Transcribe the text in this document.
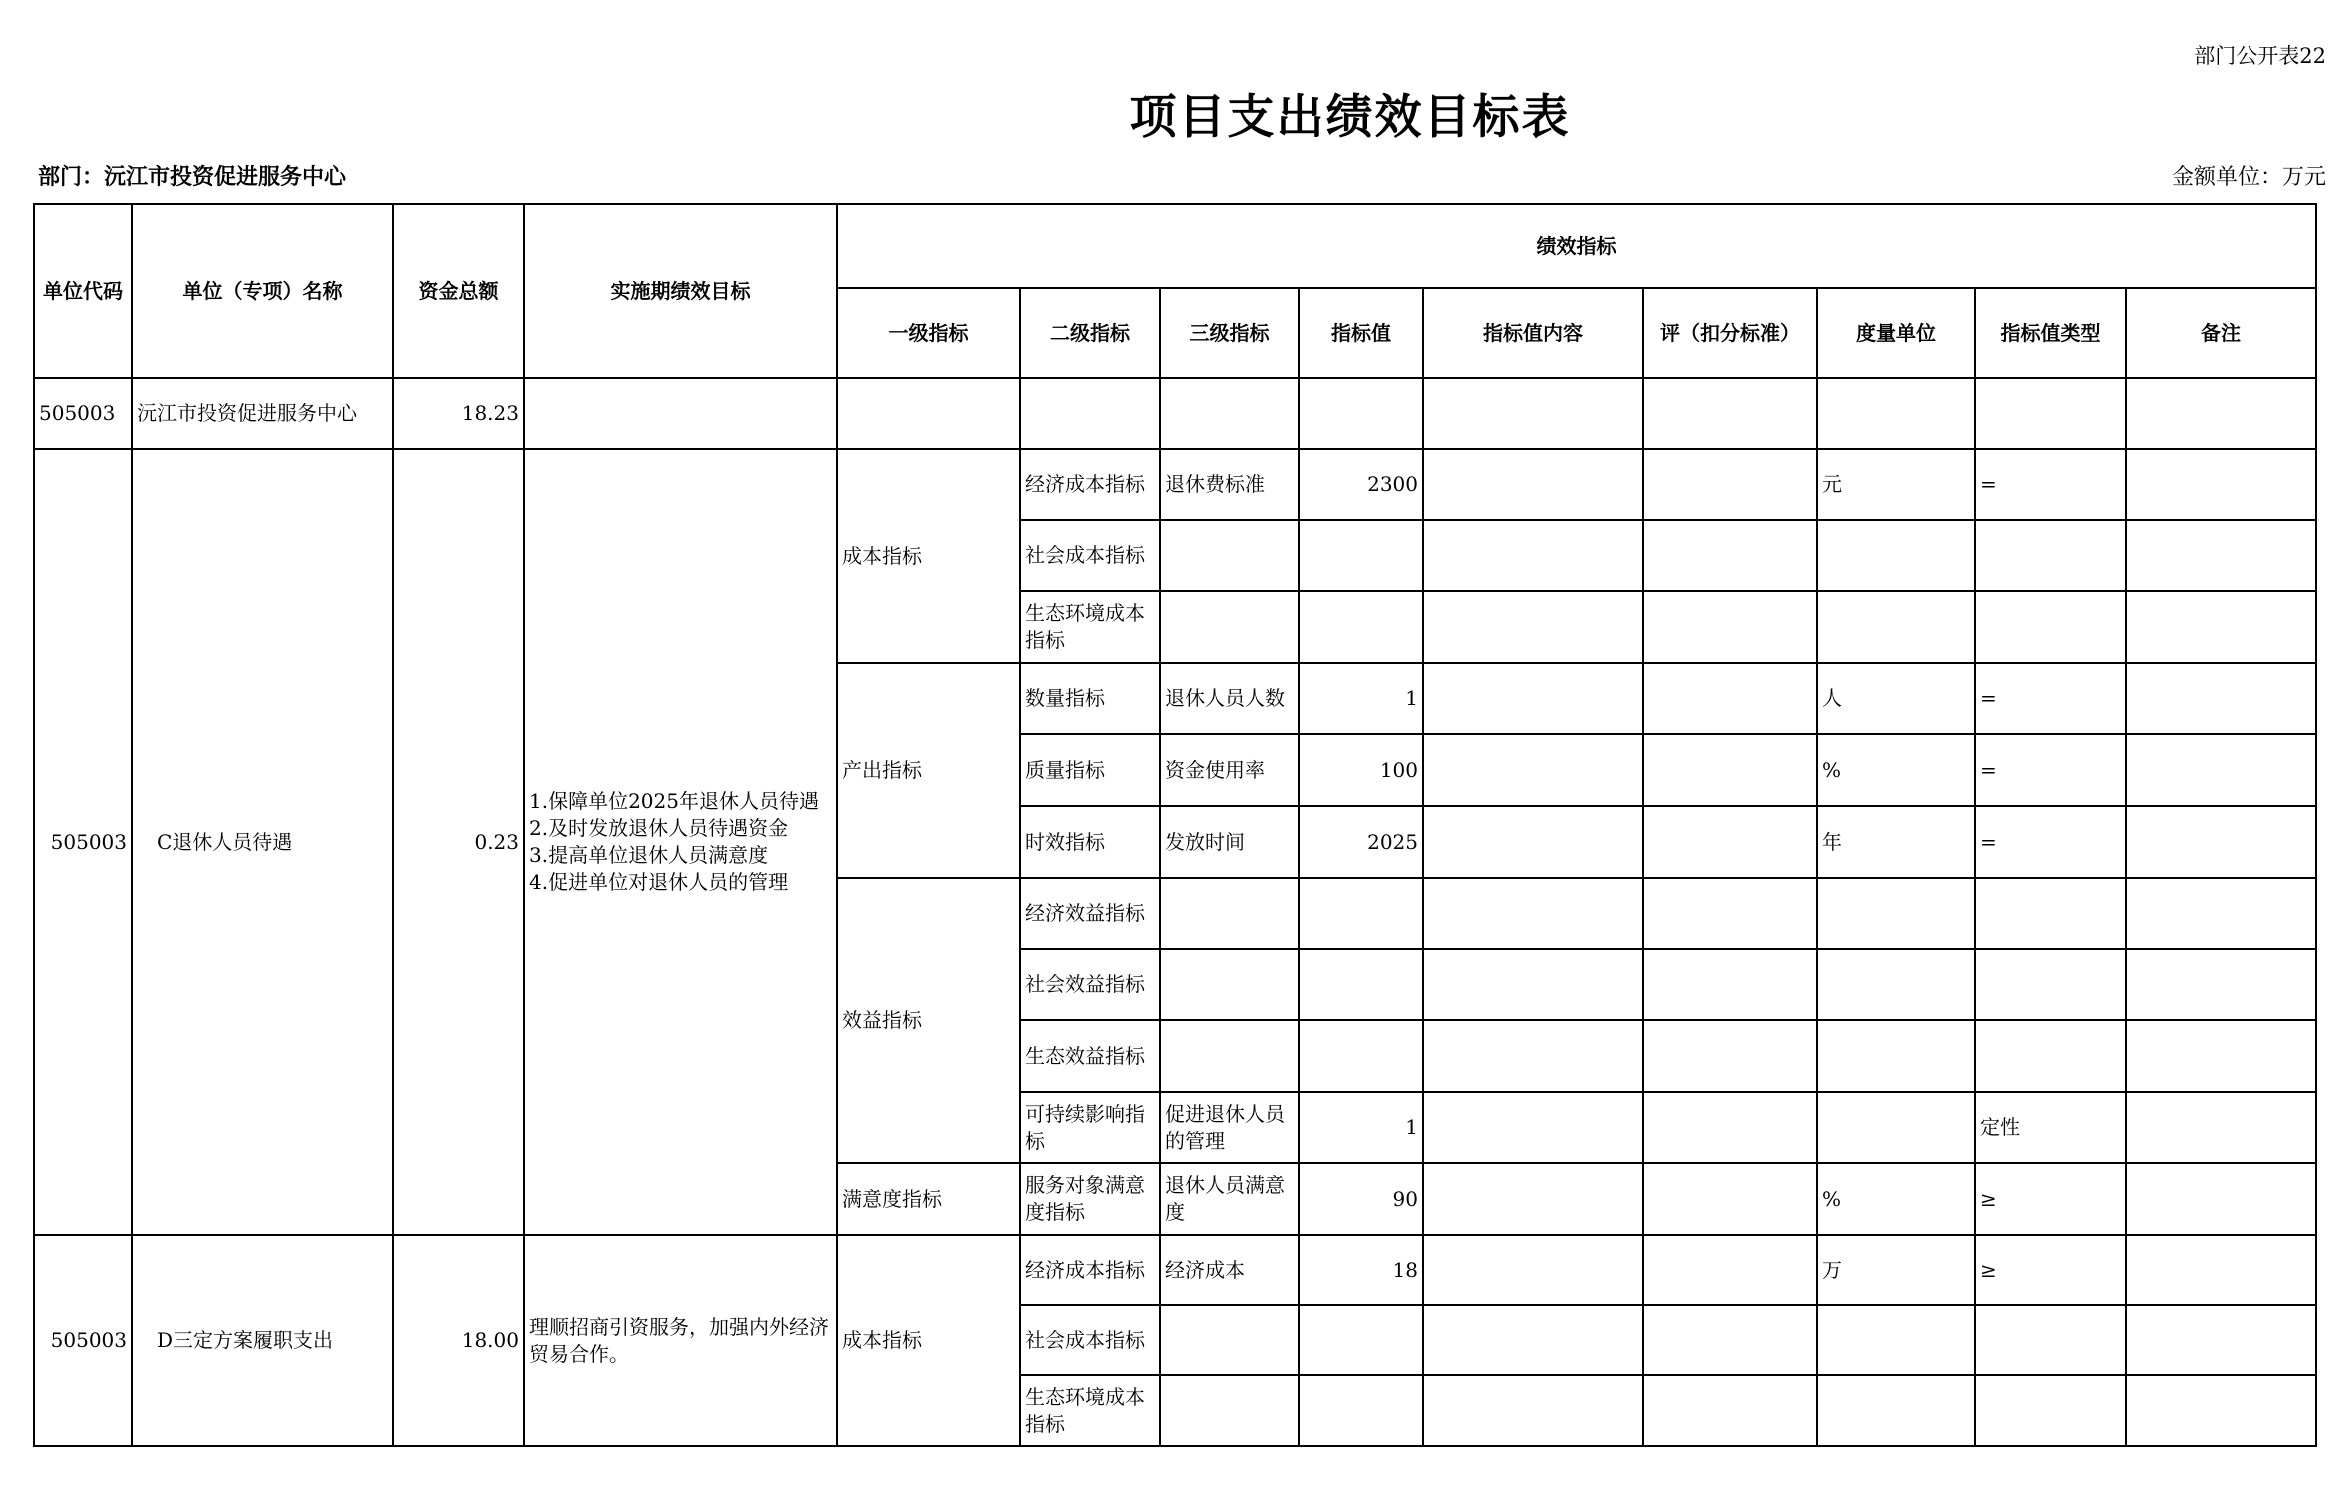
部门公开表22
项目支出绩效目标表
部门：沅江市投资促进服务中心	金额单位：万元
单位代码	单位（专项）名称	资金总额	实施期绩效目标	绩效指标								
				一级指标	二级指标	三级指标	指标值	指标值内容	评（扣分标准）	度量单位	指标值类型	备注
505003	沅江市投资促进服务中心	18.23										
505003	C退休人员待遇	0.23	1.保障单位2025年退休人员待遇
2.及时发放退休人员待遇资金
3.提高单位退休人员满意度
4.促进单位对退休人员的管理	成本指标	经济成本指标	退休费标准	2300			元	=	
					社会成本指标							
					生态环境成本指标							
				产出指标	数量指标	退休人员人数	1			人	=	
					质量指标	资金使用率	100			%	=	
					时效指标	发放时间	2025			年	=	
				效益指标	经济效益指标							
					社会效益指标							
					生态效益指标							
					可持续影响指标	促进退休人员的管理	1				定性	
				满意度指标	服务对象满意度指标	退休人员满意度	90			%	≥	
505003	D三定方案履职支出	18.00	理顺招商引资服务，加强内外经济贸易合作。	成本指标	经济成本指标	经济成本	18			万	≥	
					社会成本指标							
					生态环境成本指标							
